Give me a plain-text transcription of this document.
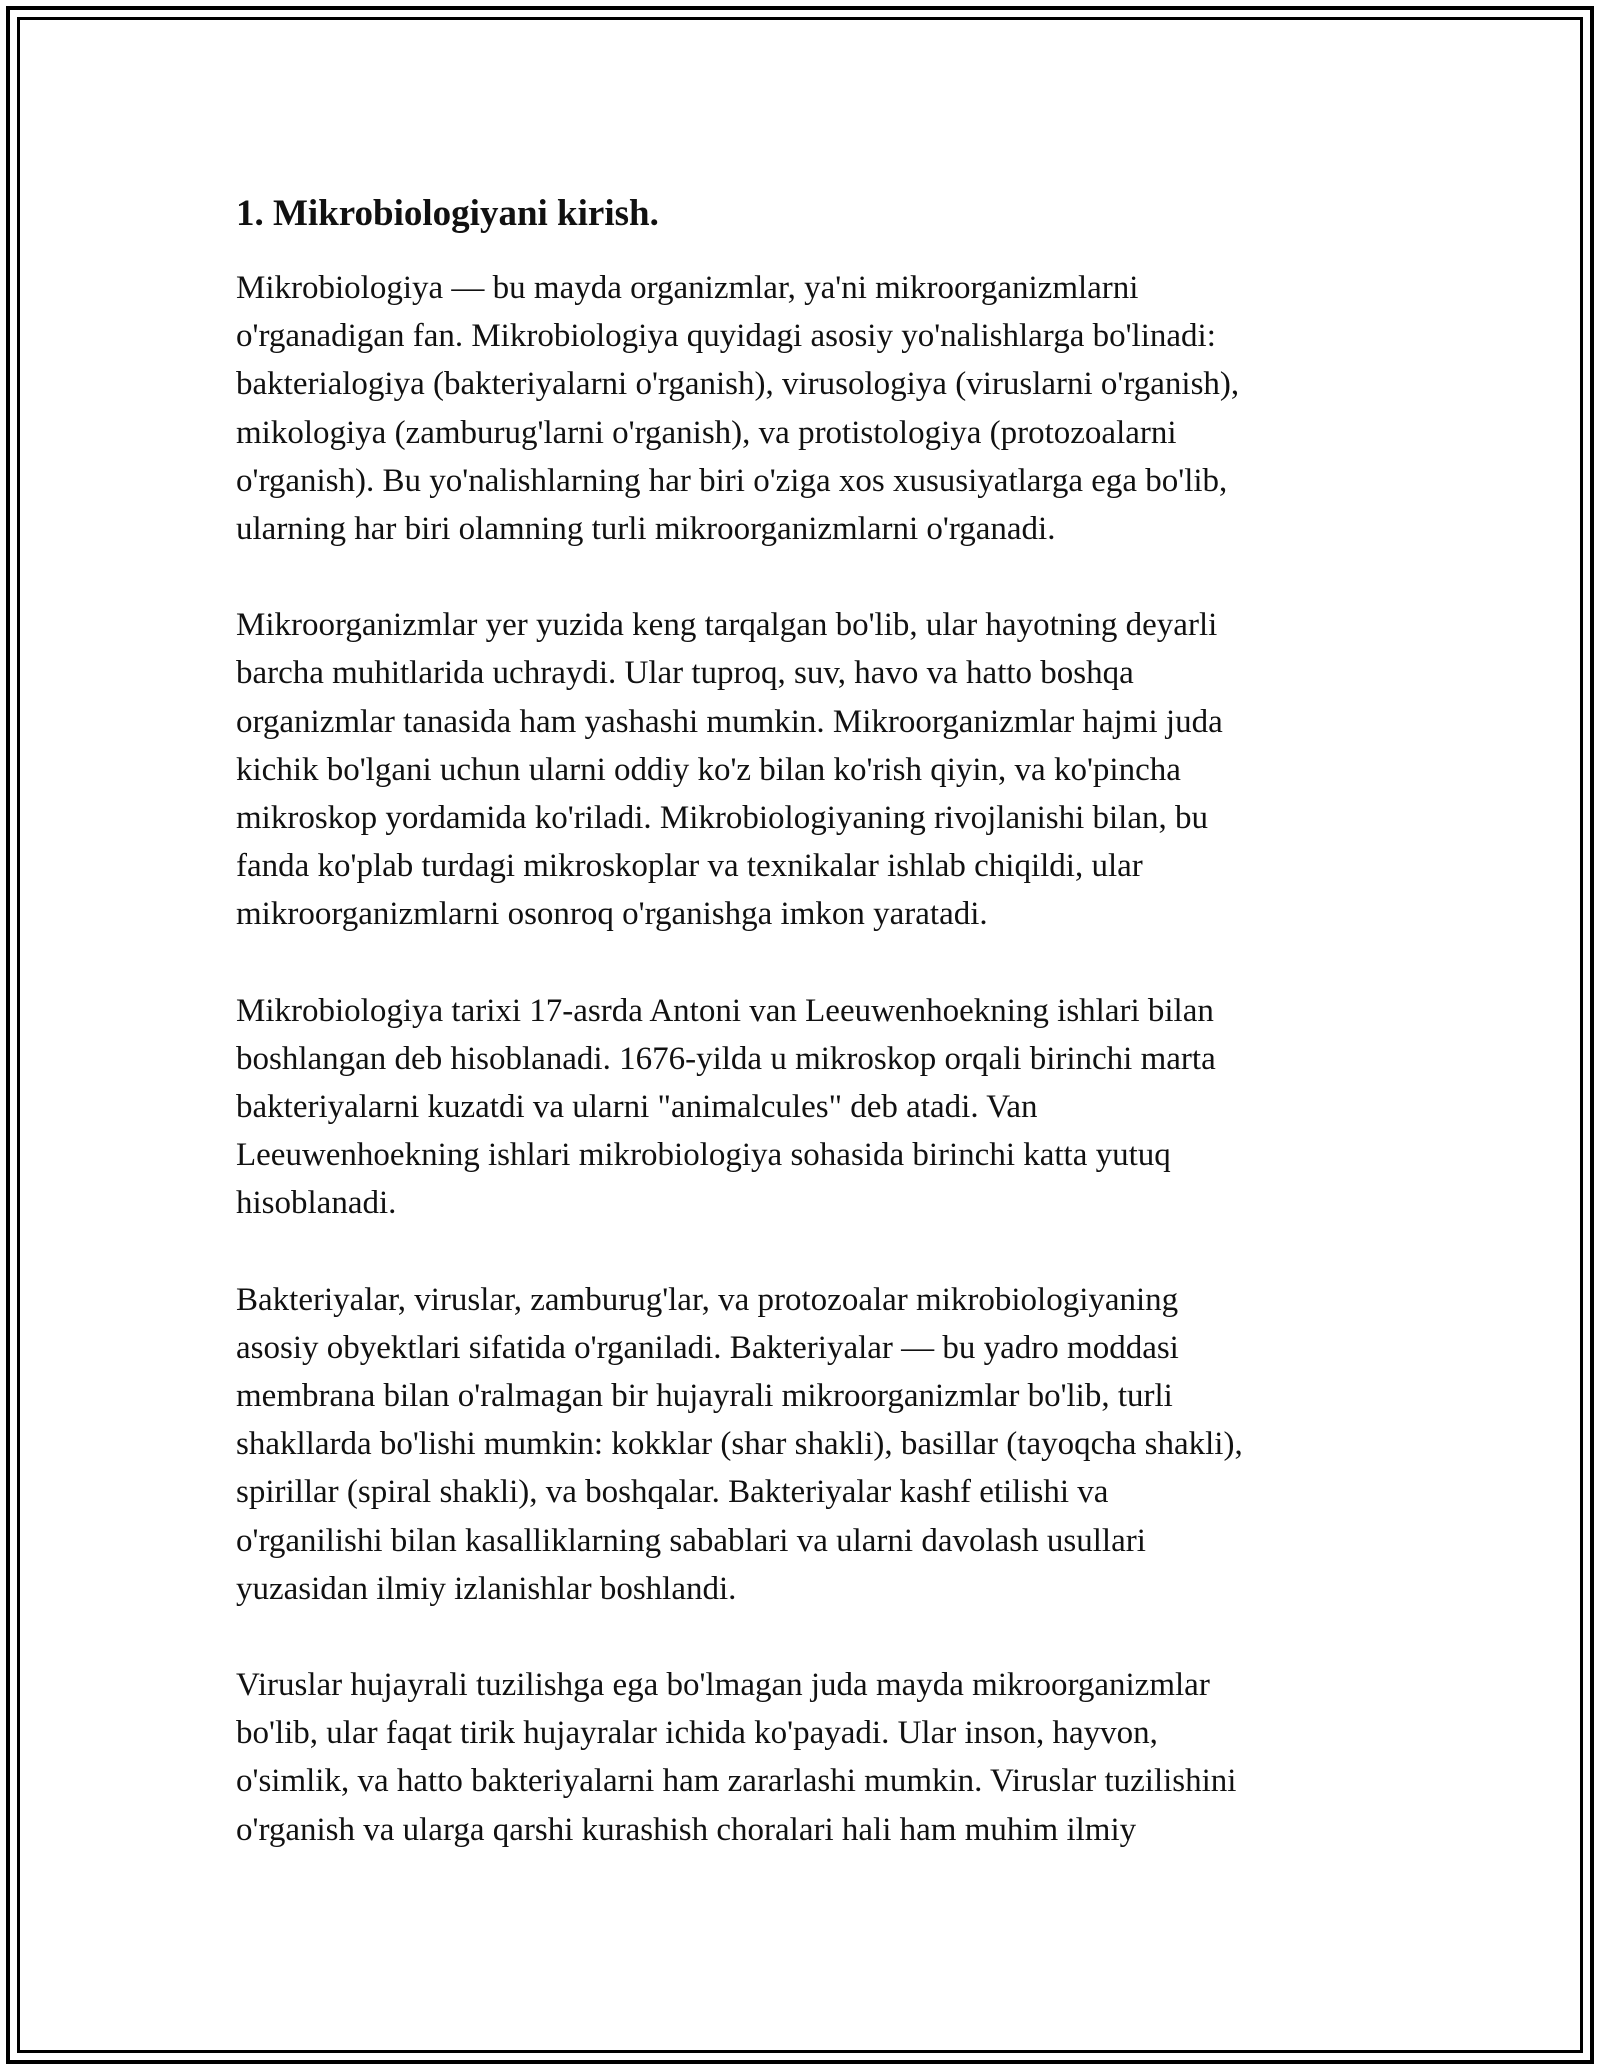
1. Mikrobiologiyani kirish.

Mikrobiologiya — bu mayda organizmlar, ya'ni mikroorganizmlarni
o'rganadigan fan. Mikrobiologiya quyidagi asosiy yo'nalishlarga bo'linadi:
bakterialogiya (bakteriyalarni o'rganish), virusologiya (viruslarni o'rganish),
mikologiya (zamburug'larni o'rganish), va protistologiya (protozoalarni
o'rganish). Bu yo'nalishlarning har biri o'ziga xos xususiyatlarga ega bo'lib,
ularning har biri olamning turli mikroorganizmlarni o'rganadi.

Mikroorganizmlar yer yuzida keng tarqalgan bo'lib, ular hayotning deyarli
barcha muhitlarida uchraydi. Ular tuproq, suv, havo va hatto boshqa
organizmlar tanasida ham yashashi mumkin. Mikroorganizmlar hajmi juda
kichik bo'lgani uchun ularni oddiy ko'z bilan ko'rish qiyin, va ko'pincha
mikroskop yordamida ko'riladi. Mikrobiologiyaning rivojlanishi bilan, bu
fanda ko'plab turdagi mikroskoplar va texnikalar ishlab chiqildi, ular
mikroorganizmlarni osonroq o'rganishga imkon yaratadi.

Mikrobiologiya tarixi 17-asrda Antoni van Leeuwenhoekning ishlari bilan
boshlangan deb hisoblanadi. 1676-yilda u mikroskop orqali birinchi marta
bakteriyalarni kuzatdi va ularni "animalcules" deb atadi. Van
Leeuwenhoekning ishlari mikrobiologiya sohasida birinchi katta yutuq
hisoblanadi.

Bakteriyalar, viruslar, zamburug'lar, va protozoalar mikrobiologiyaning
asosiy obyektlari sifatida o'rganiladi. Bakteriyalar — bu yadro moddasi
membrana bilan o'ralmagan bir hujayrali mikroorganizmlar bo'lib, turli
shakllarda bo'lishi mumkin: kokklar (shar shakli), basillar (tayoqcha shakli),
spirillar (spiral shakli), va boshqalar. Bakteriyalar kashf etilishi va
o'rganilishi bilan kasalliklarning sabablari va ularni davolash usullari
yuzasidan ilmiy izlanishlar boshlandi.

Viruslar hujayrali tuzilishga ega bo'lmagan juda mayda mikroorganizmlar
bo'lib, ular faqat tirik hujayralar ichida ko'payadi. Ular inson, hayvon,
o'simlik, va hatto bakteriyalarni ham zararlashi mumkin. Viruslar tuzilishini
o'rganish va ularga qarshi kurashish choralari hali ham muhim ilmiy
